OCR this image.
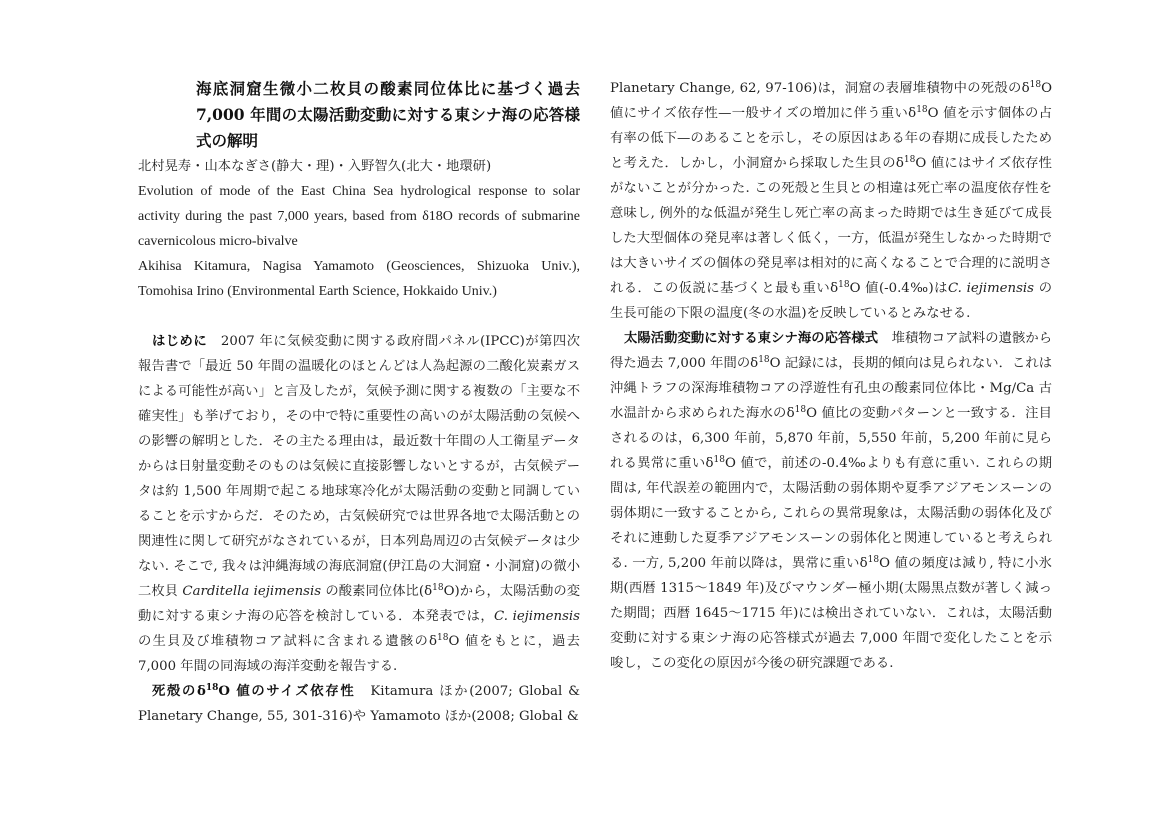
海底洞窟生微小二枚貝の酸素同位体比に基づく過去7,000 年間の太陽活動変動に対する東シナ海の応答様式の解明

北村晃寿・山本なぎさ(静大・理)・入野智久(北大・地環研)

Evolution of mode of the East China Sea hydrological response to solar activity during the past 7,000 years, based from δ18O records of submarine cavernicolous micro-bivalve

Akihisa Kitamura, Nagisa Yamamoto (Geosciences, Shizuoka Univ.), Tomohisa Irino (Environmental Earth Science, Hokkaido Univ.)

はじめに　 2007 年に気候変動に関する政府間パネル(IPCC)が第四次報告書で「最近 50 年間の温暖化のほとんどは人為起源の二酸化炭素ガスによる可能性が高い」と言及したが，気候予測に関する複数の「主要な不確実性」も挙げており，その中で特に重要性の高いのが太陽活動の気候への影響の解明とした．その主たる理由は，最近数十年間の人工衛星データからは日射量変動そのものは気候に直接影響しないとするが，古気候データは約 1,500 年周期で起こる地球寒冷化が太陽活動の変動と同調していることを示すからだ．そのため，古気候研究では世界各地で太陽活動との関連性に関して研究がなされているが，日本列島周辺の古気候データは少ない. そこで, 我々は沖縄海域の海底洞窟(伊江島の大洞窟・小洞窟)の微小二枚貝 Carditella iejimensis の酸素同位体比$(\delta^{18}O)$から，太陽活動の変動に対する東シナ海の応答を検討している．本発表では，C. iejimensis の生貝及び堆積物コア試料に含まれる遺骸の$\delta^{18}O$ 値をもとに，過去 7,000 年間の同海域の海洋変動を報告する.

死殻の$\delta^{18}O$ 値のサイズ依存性　 Kitamura ほか(2007; Global & Planetary Change, 55, 301-316)や Yamamoto ほか(2008; Global &

Planetary Change, 62, 97-106)は，洞窟の表層堆積物中の死殻の$\delta^{18}O$ 値にサイズ依存性—一般サイズの増加に伴う重い$\delta^{18}O$ 値を示す個体の占有率の低下—のあることを示し，その原因はある年の春期に成長したためと考えた．しかし，小洞窟から採取した生貝の$\delta^{18}O$ 値にはサイズ依存性がないことが分かった. この死殻と生貝との相違は死亡率の温度依存性を意味し, 例外的な低温が発生し死亡率の高まった時期では生き延びて成長した大型個体の発見率は著しく低く，一方，低温が発生しなかった時期では大きいサイズの個体の発見率は相対的に高くなることで合理的に説明される．この仮説に基づくと最も重い$\delta^{18}O$ 値(-0.4‰)はC. iejimensis の生長可能の下限の温度(冬の水温)を反映しているとみなせる.

太陽活動変動に対する東シナ海の応答様式　 堆積物コア試料の遺骸から得た過去 7,000 年間の$\delta^{18}O$ 記録には，長期的傾向は見られない．これは沖縄トラフの深海堆積物コアの浮遊性有孔虫の酸素同位体比・Mg/Ca 古水温計から求められた海水の$\delta^{18}O$ 値比の変動パターンと一致する．注目されるのは，6,300 年前，5,870 年前，5,550 年前，5,200 年前に見られる異常に重い$\delta^{18}O$ 値で，前述の-0.4‰よりも有意に重い. これらの期間は, 年代誤差の範囲内で，太陽活動の弱体期や夏季アジアモンスーンの弱体期に一致することから, これらの異常現象は，太陽活動の弱体化及びそれに連動した夏季アジアモンスーンの弱体化と関連していると考えられる. 一方, 5,200 年前以降は，異常に重い$\delta^{18}O$ 値の頻度は減り, 特に小氷期(西暦 1315〜1849 年)及びマウンダー極小期(太陽黒点数が著しく減った期間；西暦 1645〜1715 年)には検出されていない．これは，太陽活動変動に対する東シナ海の応答様式が過去 7,000 年間で変化したことを示唆し，この変化の原因が今後の研究課題である.
